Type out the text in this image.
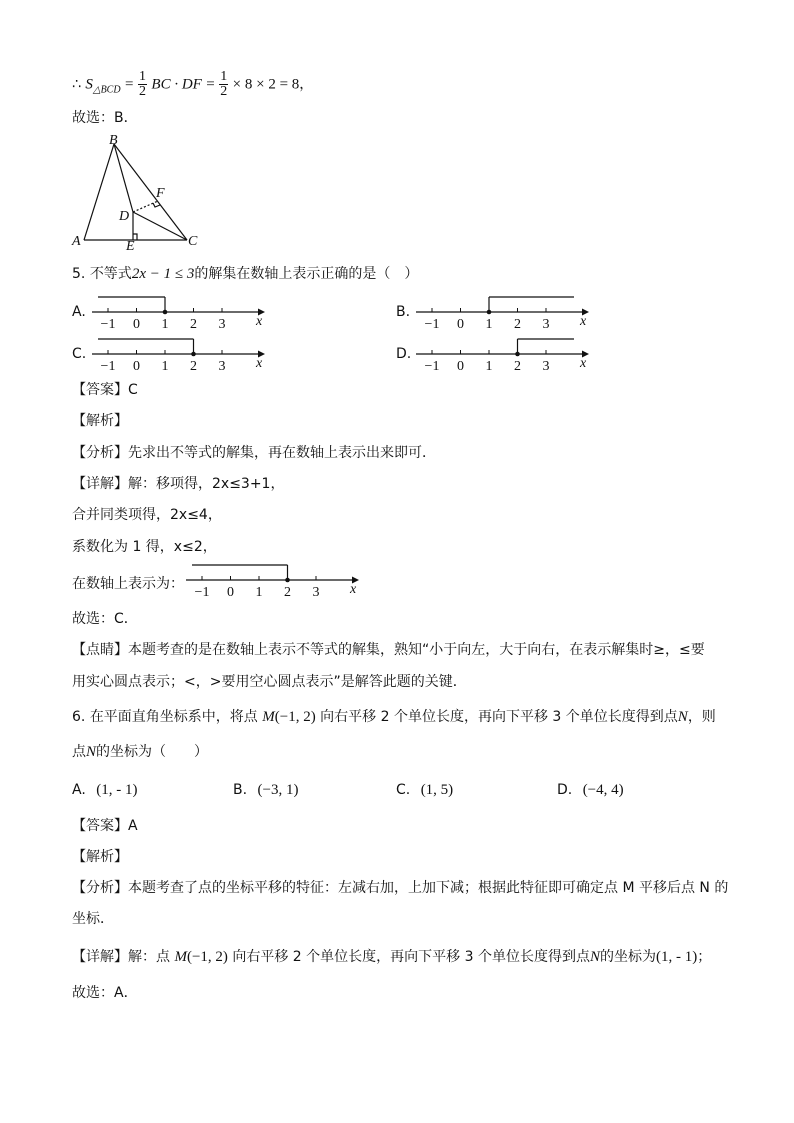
∴ $S_{\triangle BCD} = \frac{1}{2}$ BC · DF = $\frac{1}{2} \times 8 \times 2 = 8$，
故选：B．
B
F
D
A	E	C
5. 不等式2x − 1 ≤ 3的解集在数轴上表示正确的是（　）
A.
−1 0 1 2 3 x
B.
−1 0 1 2 3 x
C.
−1 0 1 2 3 x
D.
−1 0 1 2 3 x
【答案】C
【解析】
【分析】先求出不等式的解集，再在数轴上表示出来即可．
【详解】解：移项得，2x≤3+1，
合并同类项得，2x≤4，
系数化为 1 得，x≤2，
在数轴上表示为：
−1 0 1 2 3 x
故选：C．
【点睛】本题考查的是在数轴上表示不等式的解集，熟知“小于向左，大于向右，在表示解集时≥，≤要
用实心圆点表示；<，>要用空心圆点表示”是解答此题的关键．
6. 在平面直角坐标系中，将点 M(−1, 2) 向右平移 2 个单位长度，再向下平移 3 个单位长度得到点N，则
点N的坐标为（　　）
A. (1, - 1)	B. (−3, 1)	C. (1, 5)	D. (−4, 4)
【答案】A
【解析】
【分析】本题考查了点的坐标平移的特征：左减右加，上加下减；根据此特征即可确定点 M 平移后点 N 的
坐标．
【详解】解：点 M(−1, 2) 向右平移 2 个单位长度，再向下平移 3 个单位长度得到点N的坐标为(1, - 1)；
故选：A．
